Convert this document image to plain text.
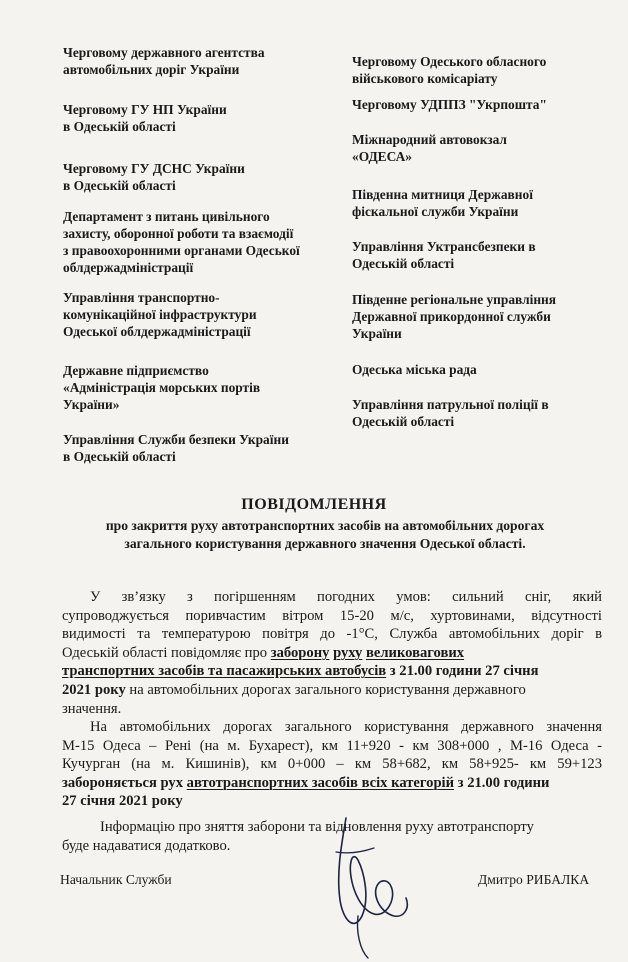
Черговому державного агентства
автомобільних доріг України
Черговому ГУ НП України
в Одеській області
Черговому ГУ ДСНС України
в Одеській області
Департамент з питань цивільного
захисту, оборонної роботи та взаємодії
з правоохоронними органами Одеської
облдержадміністрації
Управління транспортно-
комунікаційної інфраструктури
Одеської облдержадміністрації
Державне підприємство
«Адміністрація морських портів
України»
Управління Служби безпеки України
в Одеській області
Черговому Одеського обласного
військового комісаріату
Черговому УДППЗ "Укрпошта"
Міжнародний автовокзал
«ОДЕСА»
Південна митниця Державної
фіскальної служби України
Управління Уктрансбезпеки в
Одеській області
Південне регіональне управління
Державної прикордонної служби
України
Одеська міська рада
Управління патрульної поліції в
Одеській області
ПОВІДОМЛЕННЯ
про закриття руху автотранспортних засобів на автомобільних дорогах
загального користування державного значення Одеської області.
У зв’язку з погіршенням погодних умов: сильний сніг, який
супроводжується поривчастим вітром 15-20 м/с, хуртовинами, відсутності
видимості та температурою повітря до -1°C, Служба автомобільних доріг в
Одеській області повідомляє про заборону руху великовагових
транспортних засобів та пасажирських автобусів з 21.00 години 27 січня
2021 року на автомобільних дорогах загального користування державного
значення.
На автомобільних дорогах загального користування державного значення
М-15 Одеса – Рені (на м. Бухарест), км 11+920 - км 308+000 , М-16 Одеса -
Кучурган (на м. Кишинів), км 0+000 – км 58+682, км 58+925- км 59+123
забороняється рух автотранспортних засобів всіх категорій з 21.00 години
27 січня 2021 року
Інформацію про зняття заборони та відновлення руху автотранспорту
буде надаватися додатково.
Начальник Служби	Дмитро РИБАЛКА
